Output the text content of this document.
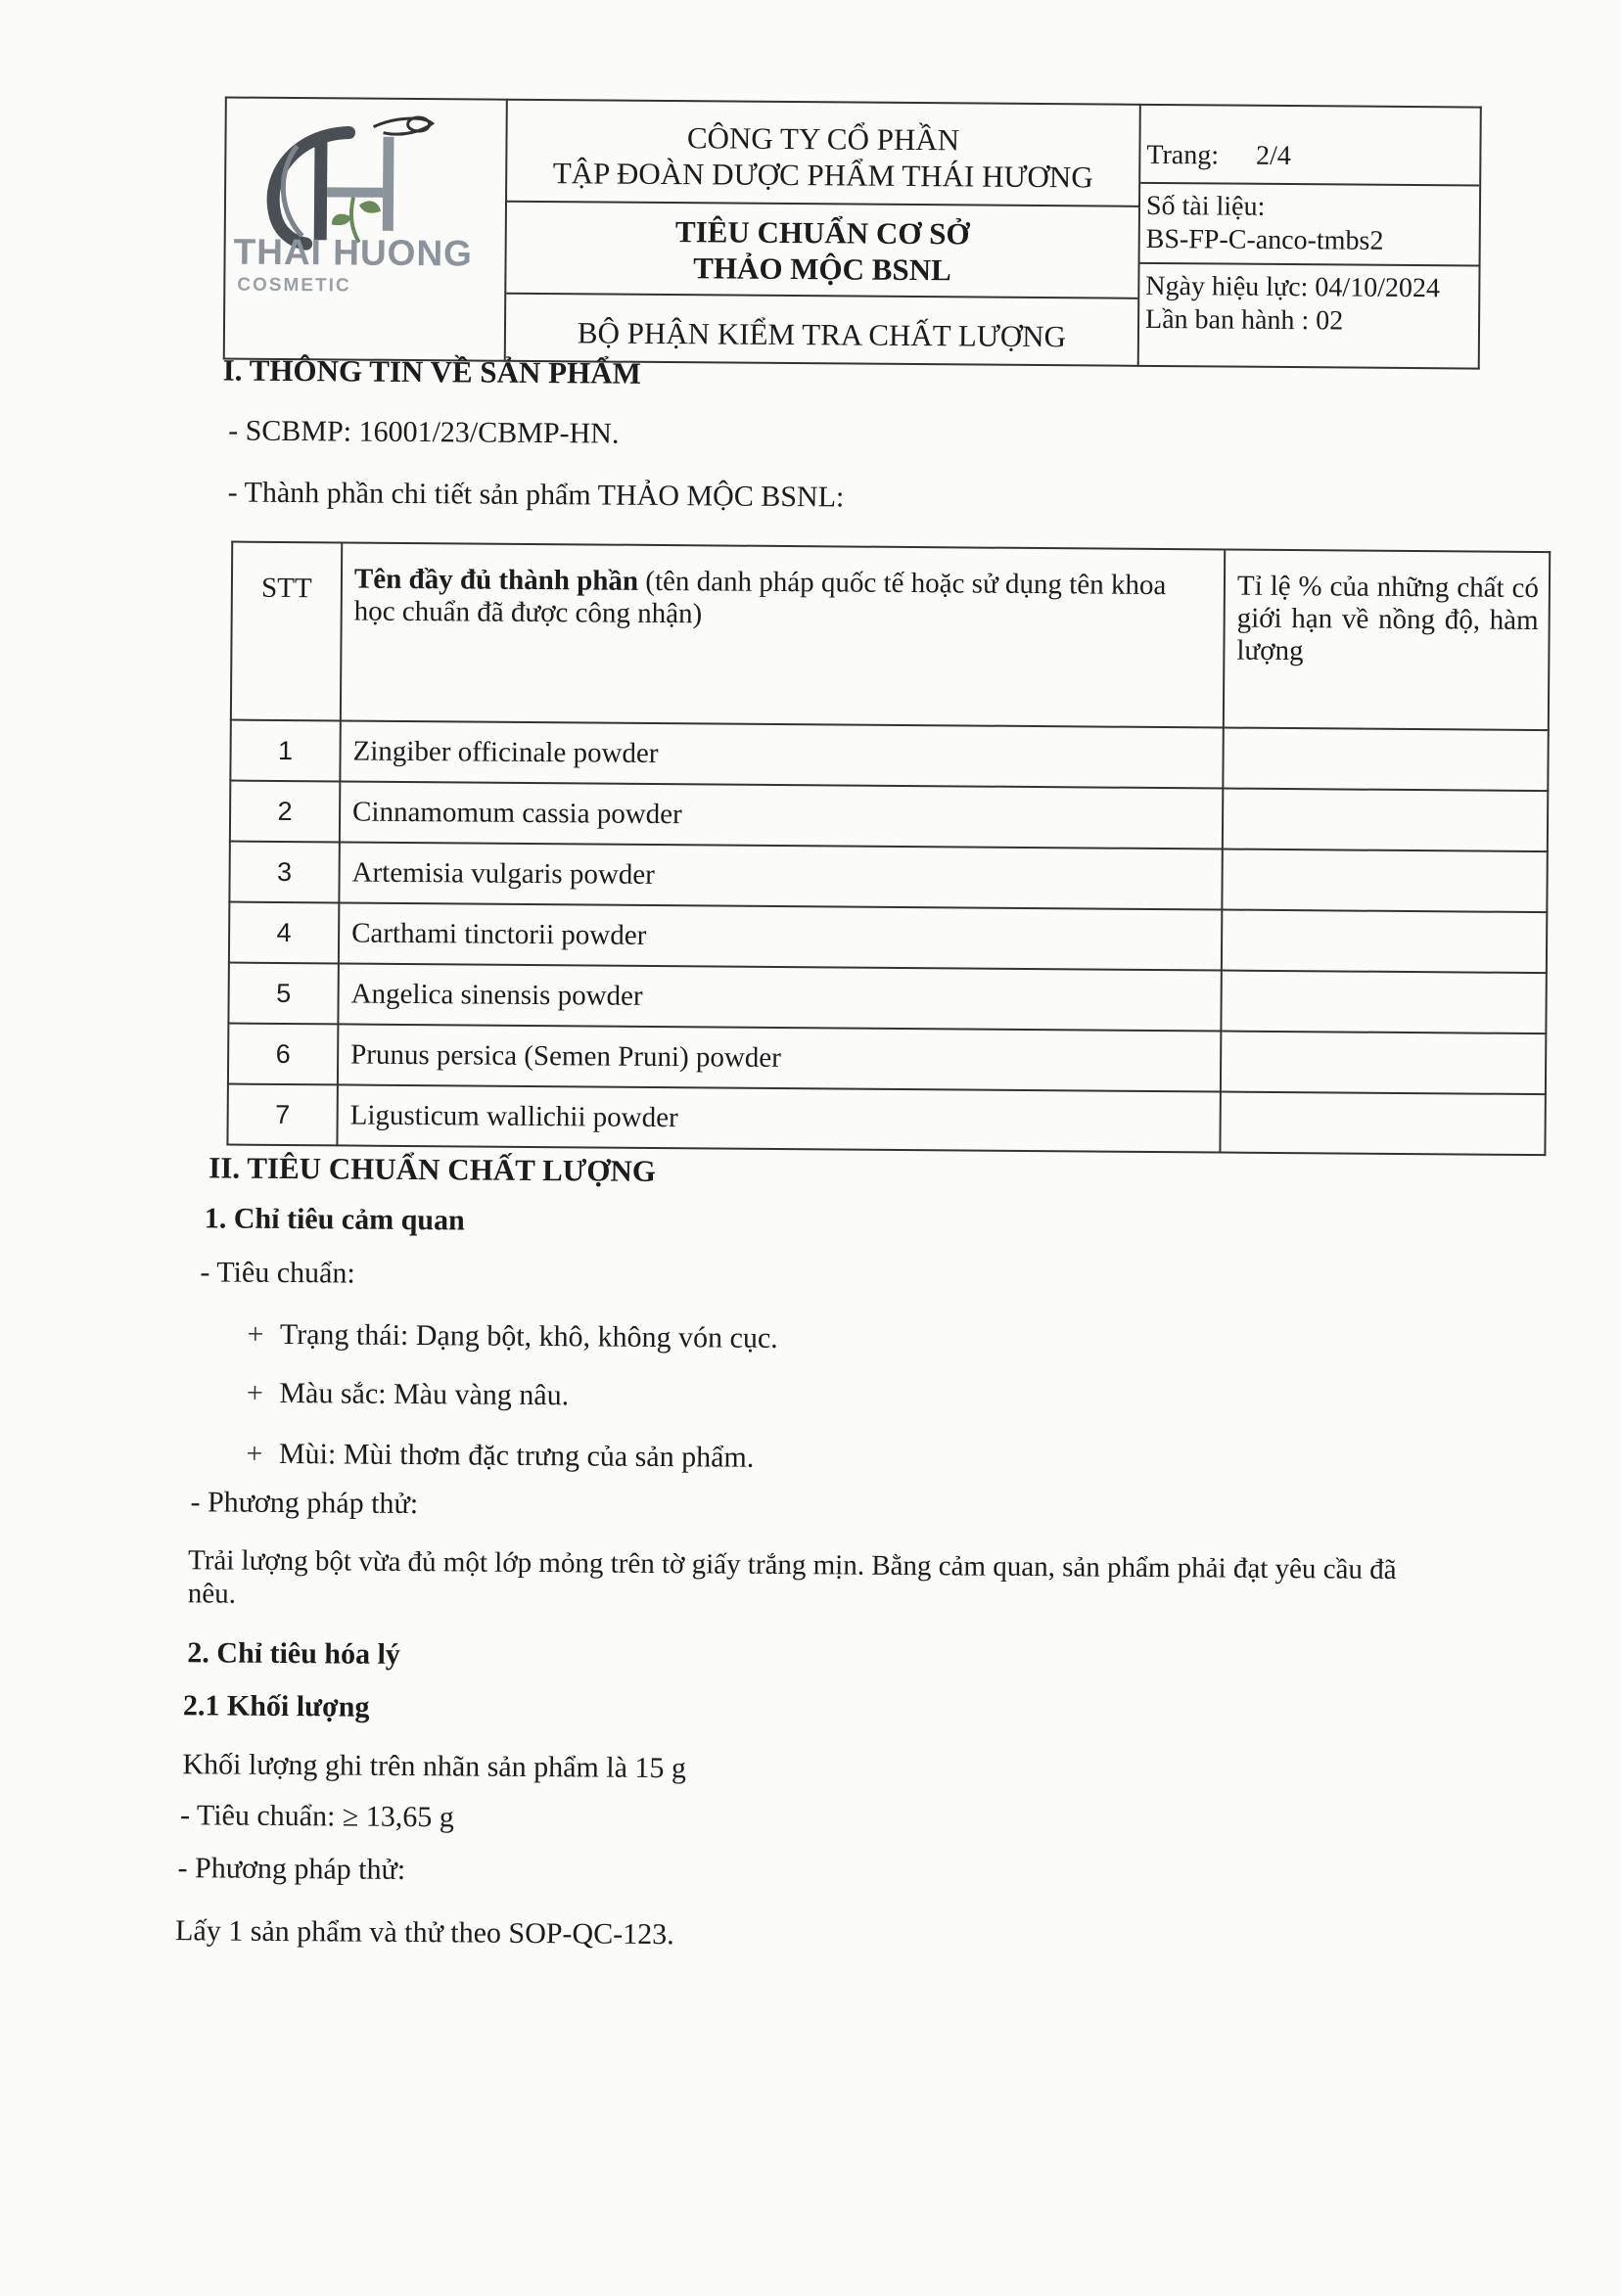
THAI HUONG
COSMETIC

CÔNG TY CỔ PHẦN
TẬP ĐOÀN DƯỢC PHẨM THÁI HƯƠNG
TIÊU CHUẨN CƠ SỞ
THẢO MỘC BSNL
BỘ PHẬN KIỂM TRA CHẤT LƯỢNG

Trang: 2/4
Số tài liệu:
BS-FP-C-anco-tmbs2
Ngày hiệu lực: 04/10/2024
Lần ban hành : 02
I. THÔNG TIN VỀ SẢN PHẨM
- SCBMP: 16001/23/CBMP-HN.
- Thành phần chi tiết sản phẩm THẢO MỘC BSNL:
STT	Tên đầy đủ thành phần (tên danh pháp quốc tế hoặc sử dụng tên khoa học chuẩn đã được công nhận)	Tỉ lệ % của những chất có giới hạn về nồng độ, hàm lượng
1	Zingiber officinale powder	
2	Cinnamomum cassia powder	
3	Artemisia vulgaris powder	
4	Carthami tinctorii powder	
5	Angelica sinensis powder	
6	Prunus persica (Semen Pruni) powder	
7	Ligusticum wallichii powder	
II. TIÊU CHUẨN CHẤT LƯỢNG
1. Chỉ tiêu cảm quan
- Tiêu chuẩn:
+ Trạng thái: Dạng bột, khô, không vón cục.
+ Màu sắc: Màu vàng nâu.
+ Mùi: Mùi thơm đặc trưng của sản phẩm.
- Phương pháp thử:
Trải lượng bột vừa đủ một lớp mỏng trên tờ giấy trắng mịn. Bằng cảm quan, sản phẩm phải đạt yêu cầu đã nêu.
2. Chỉ tiêu hóa lý
2.1 Khối lượng
Khối lượng ghi trên nhãn sản phẩm là 15 g
- Tiêu chuẩn: ≥ 13,65 g
- Phương pháp thử:
Lấy 1 sản phẩm và thử theo SOP-QC-123.
